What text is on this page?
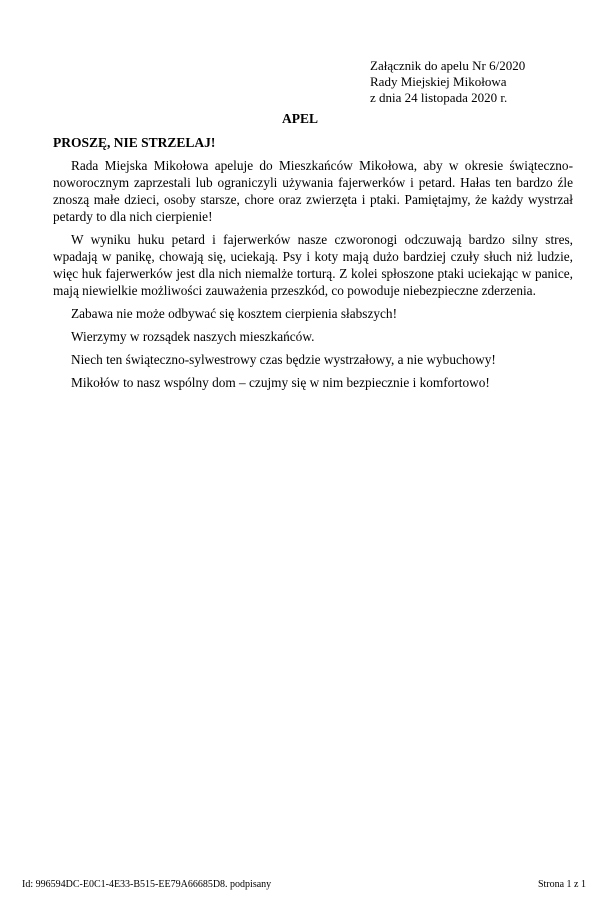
Załącznik do apelu Nr 6/2020
Rady Miejskiej Mikołowa
z dnia 24 listopada 2020 r.
APEL
PROSZĘ, NIE STRZELAJ!

Rada Miejska Mikołowa apeluje do Mieszkańców Mikołowa, aby w okresie świąteczno-noworocznym zaprzestali lub ograniczyli używania fajerwerków i petard. Hałas ten bardzo źle znoszą małe dzieci, osoby starsze, chore oraz zwierzęta i ptaki. Pamiętajmy, że każdy wystrzał petardy to dla nich cierpienie!

W wyniku huku petard i fajerwerków nasze czworonogi odczuwają bardzo silny stres, wpadają w panikę, chowają się, uciekają. Psy i koty mają dużo bardziej czuły słuch niż ludzie, więc huk fajerwerków jest dla nich niemalże torturą. Z kolei spłoszone ptaki uciekając w panice, mają niewielkie możliwości zauważenia przeszkód, co powoduje niebezpieczne zderzenia.

Zabawa nie może odbywać się kosztem cierpienia słabszych!

Wierzymy w rozsądek naszych mieszkańców.

Niech ten świąteczno-sylwestrowy czas będzie wystrzałowy, a nie wybuchowy!

Mikołów to nasz wspólny dom – czujmy się w nim bezpiecznie i komfortowo!

Id: 996594DC-E0C1-4E33-B515-EE79A66685D8. podpisany	Strona 1 z 1
